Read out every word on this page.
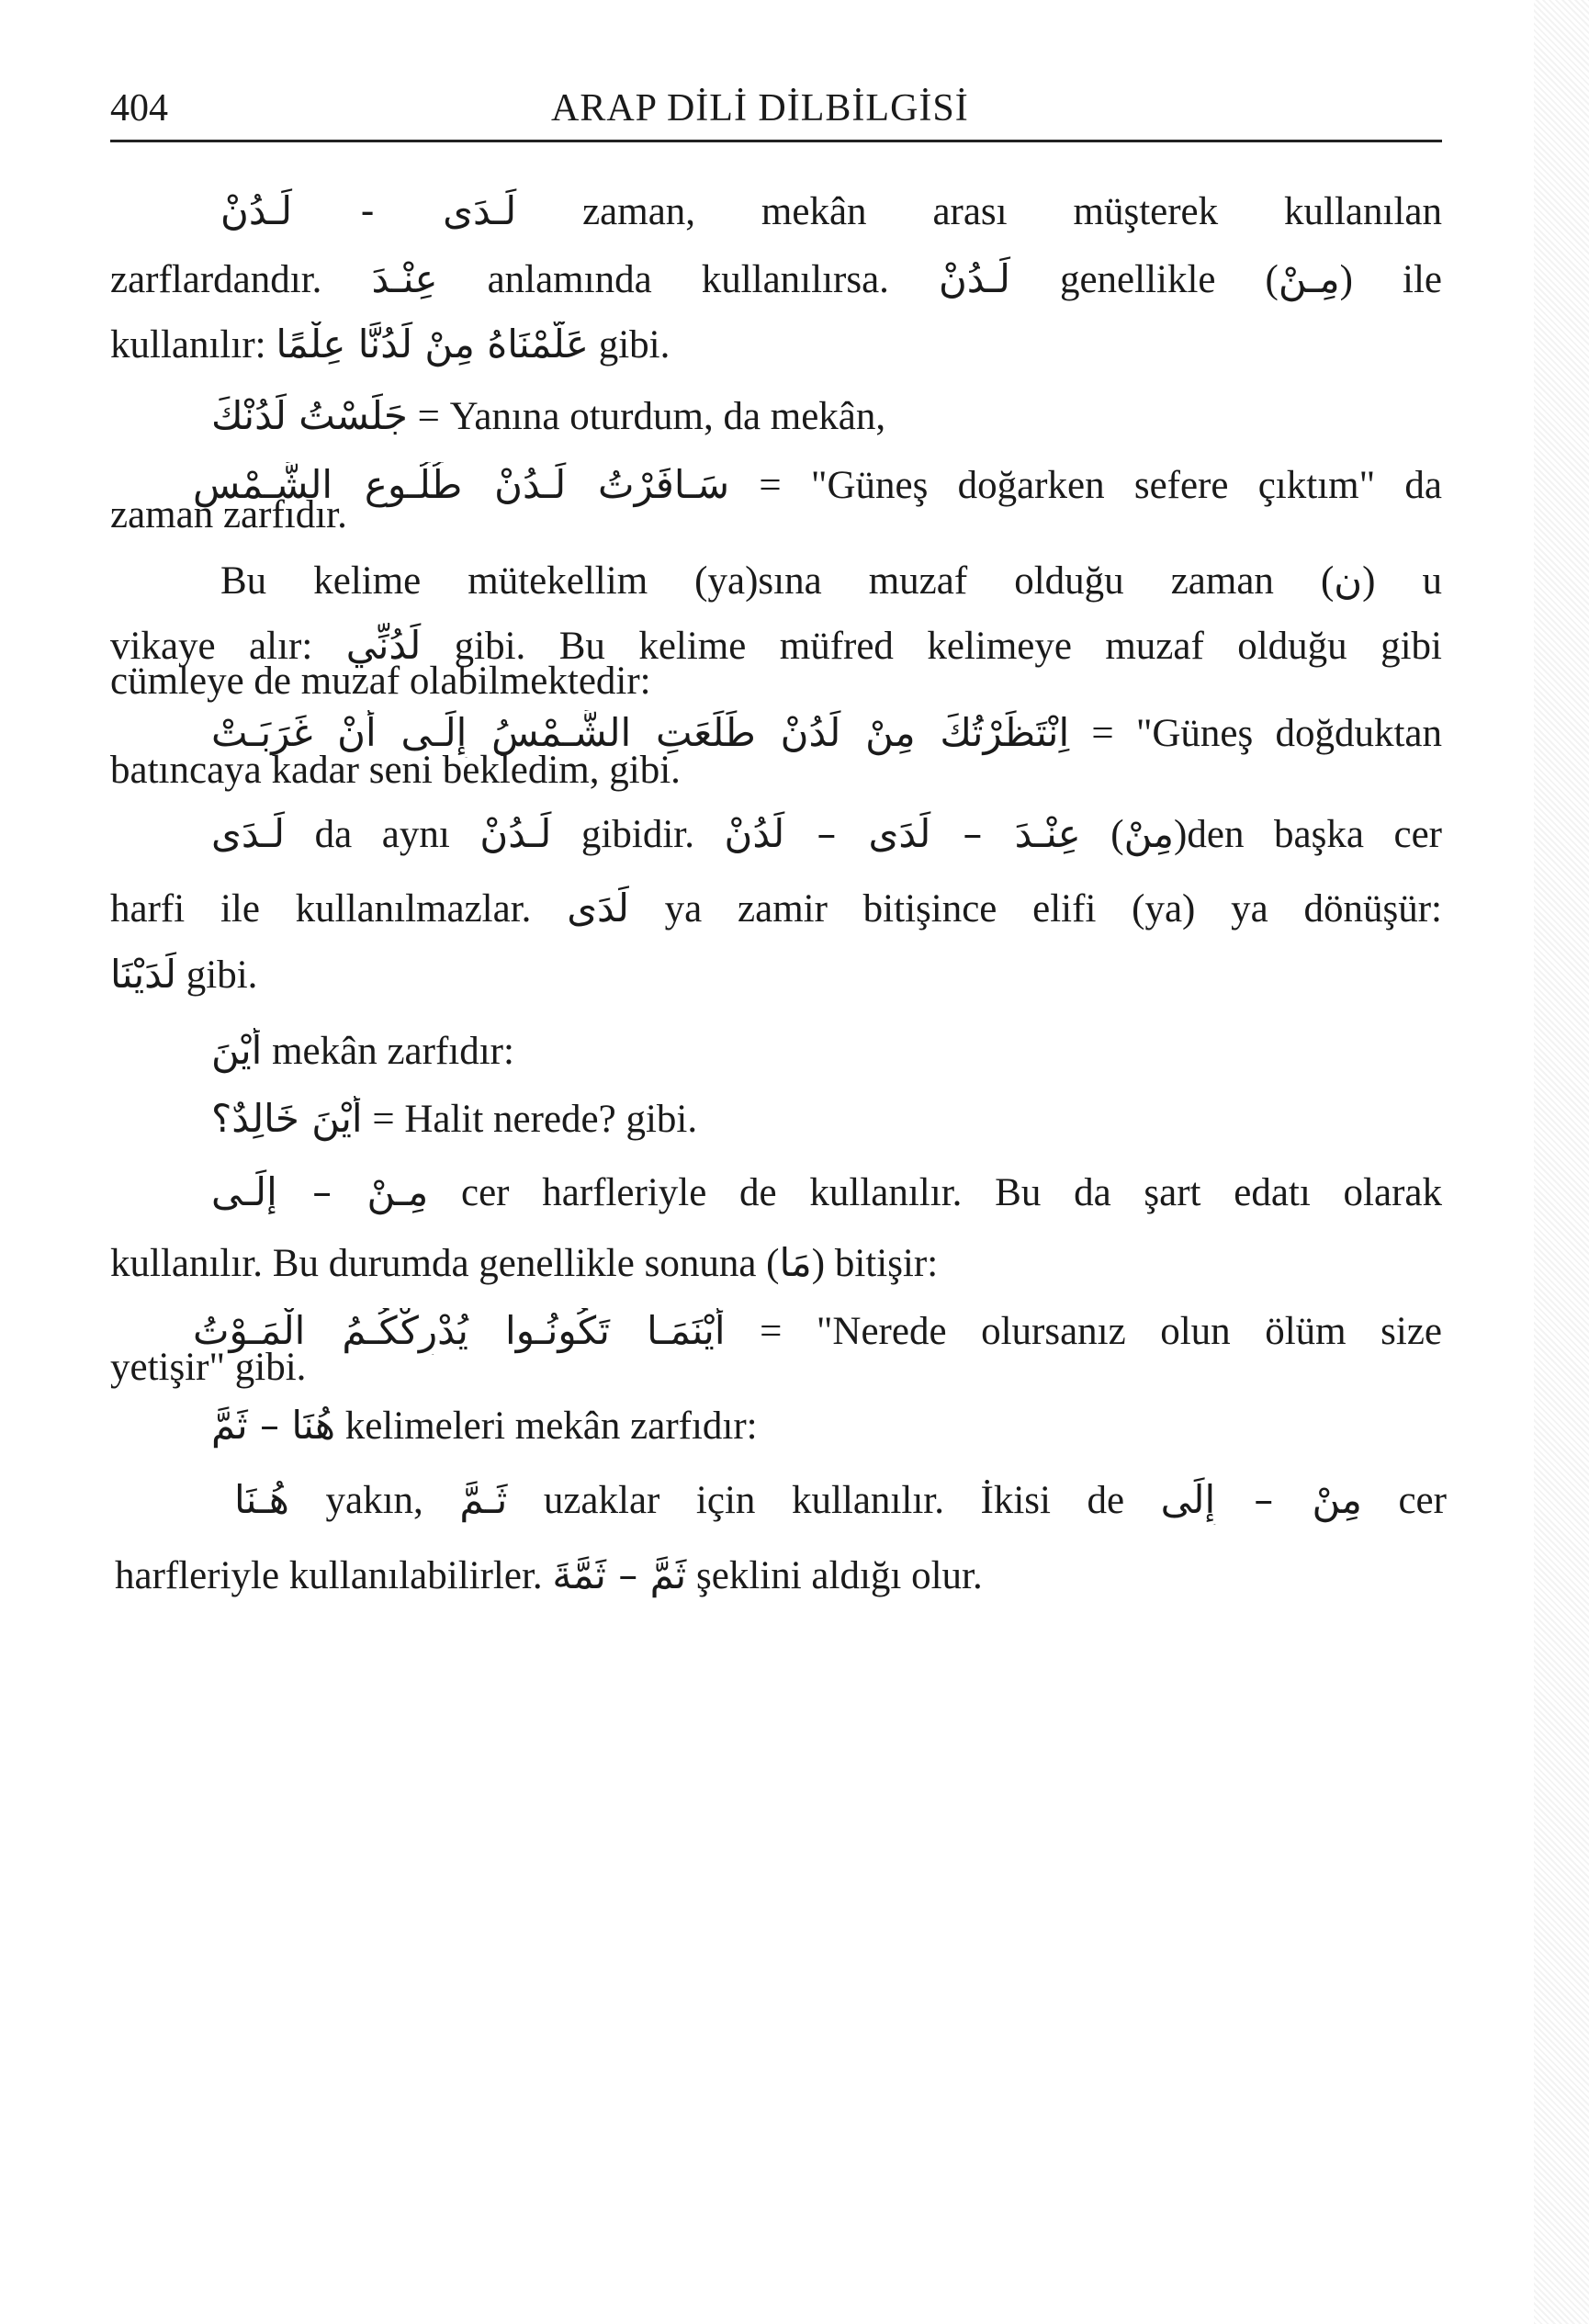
404	ARAP DİLİ DİLBİLGİSİ
لَـدَى - لَـدُنْ zaman, mekân arası müşterek kullanılan
zarflardandır. عِنْـدَ anlamında kullanılırsa. لَـدُنْ genellikle (مِـنْ) ile
kullanılır: عَلَّمْنَاهُ مِنْ لَدُنَّا عِلْمًا gibi.
جَلَسْتُ لَدُنْكَ = Yanına oturdum, da mekân,
سَـافَرْتُ لَـدُنْ طُلُـوعِ الشَّـمْسِ = "Güneş doğarken sefere çıktım" da
zaman zarfıdır.
Bu kelime mütekellim (ya)sına muzaf olduğu zaman (ن) u
vikaye alır: لَدُنِّي gibi. Bu kelime müfred kelimeye muzaf olduğu gibi
cümleye de muzaf olabilmektedir:
اِنْتَظَرْتُكَ مِنْ لَدُنْ طَلَعَتِ الشَّـمْسُ إِلَـى أَنْ غَرَبَـتْ = "Güneş doğduktan
batıncaya kadar seni bekledim, gibi.
لَـدَى da aynı لَـدُنْ gibidir. عِنْـدَ – لَدَى – لَدُنْ (مِنْ)den başka cer
harfi ile kullanılmazlar. لَدَى ya zamir bitişince elifi (ya) ya dönüşür:
لَدَيْنَا gibi.
أَيْنَ mekân zarfıdır:
أَيْنَ خَالِدٌ؟ = Halit nerede? gibi.
مِـنْ – إِلَـى cer harfleriyle de kullanılır. Bu da şart edatı olarak
kullanılır. Bu durumda genellikle sonuna (مَا) bitişir:
أَيْنَمَـا تَكُونُـوا يُدْرِكْكُـمُ الْمَـوْتُ = "Nerede olursanız olun ölüm size
yetişir" gibi.
هُنَا – ثَمَّ kelimeleri mekân zarfıdır:
هُـنَا yakın, ثَـمَّ uzaklar için kullanılır. İkisi de مِنْ – إِلَى cer
harfleriyle kullanılabilirler. ثَمَّ – ثَمَّةَ şeklini aldığı olur.
